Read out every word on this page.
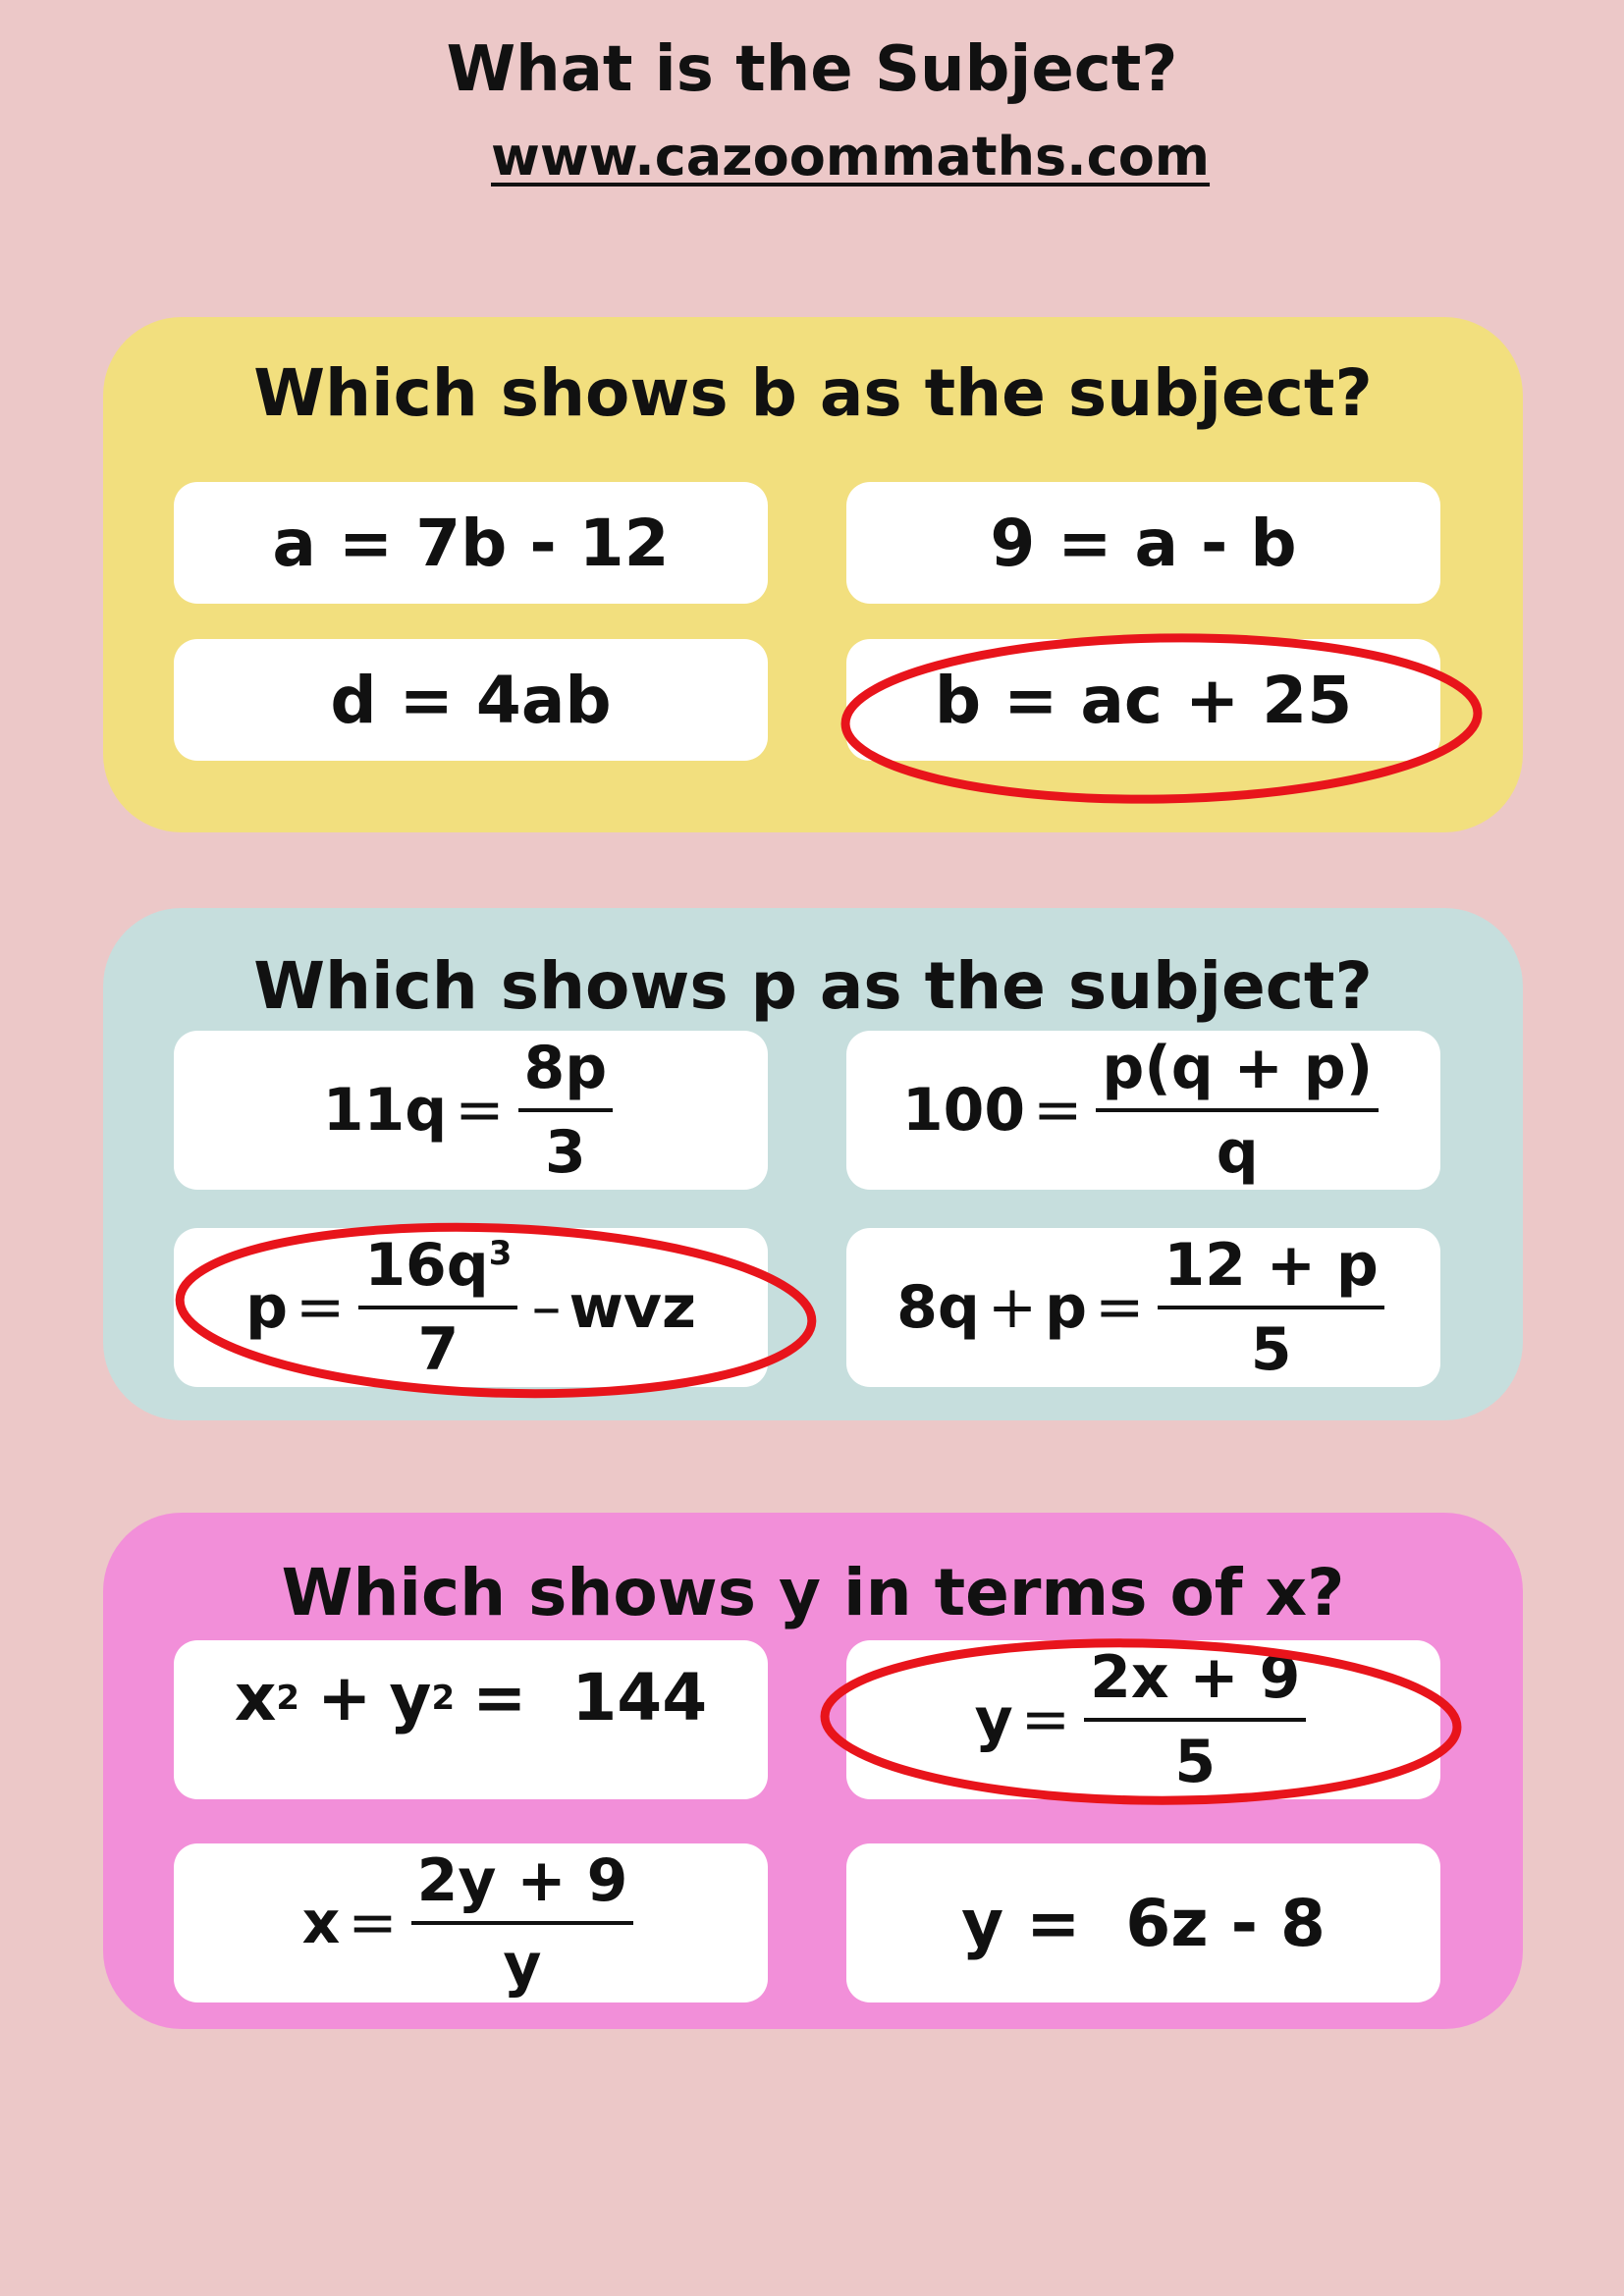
What is the Subject?
www.cazoommaths.com
Which shows b as the subject?
a = 7b - 12	9 = a - b
d = 4ab	b = ac + 25
Which shows p as the subject?
$11q = \frac{8p}{3}$	$100 = \frac{p(q + p)}{q}$
$p = \frac{16q^3}{7}$ – wvz	$8q + p = \frac{12 + p}{5}$
Which shows y in terms of x?
x 2 + y 2 =  144	$y = \frac{2x + 9}{5}$
$x = \frac{2y + 9}{y}$	y =  6z - 8
